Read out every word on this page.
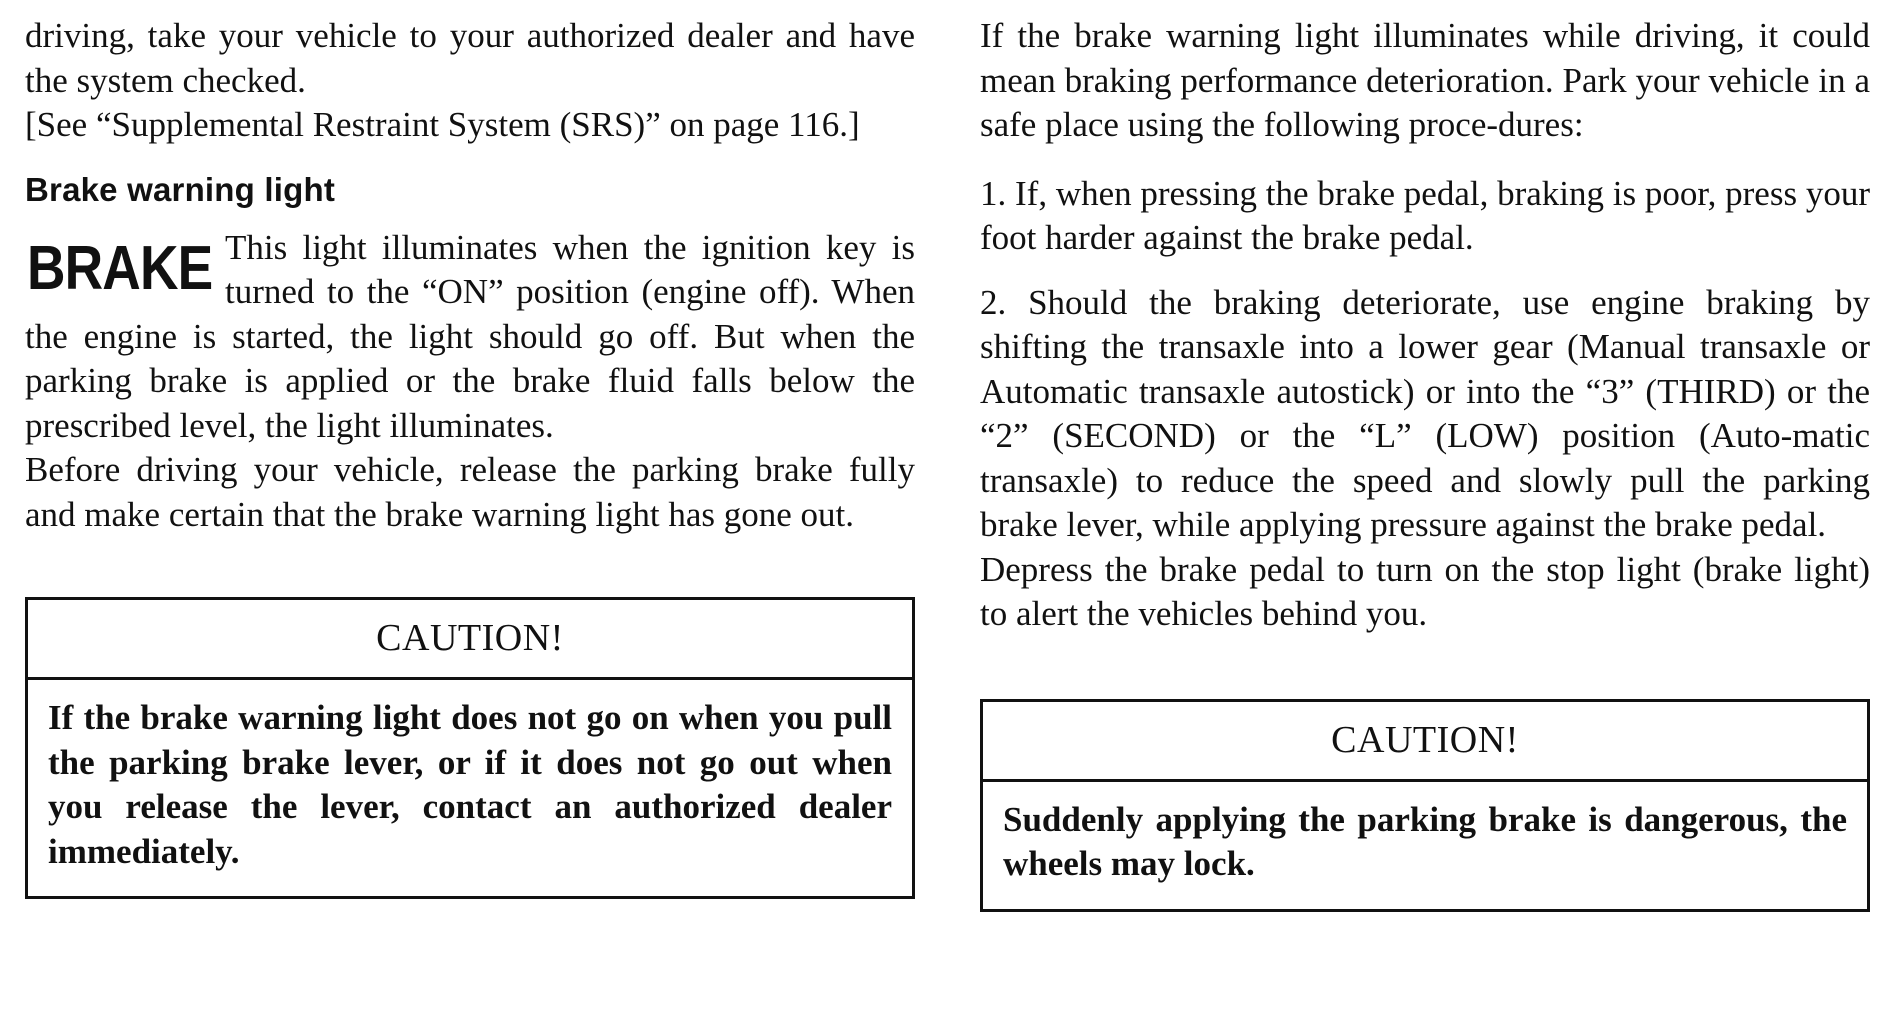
driving, take your vehicle to your authorized dealer and have the system checked.

[See “Supplemental Restraint System (SRS)” on page 116.]

Brake warning light
BRAKE This light illuminates when the ignition key is turned to the “ON” position (engine off). When the engine is started, the light should go off. But when the parking brake is applied or the brake fluid falls below the prescribed level, the light illuminates.

Before driving your vehicle, release the parking brake fully and make certain that the brake warning light has gone out.

CAUTION!
If the brake warning light does not go on when you pull the parking brake lever, or if it does not go out when you release the lever, contact an authorized dealer immediately.

If the brake warning light illuminates while driving, it could mean braking performance deterioration. Park your vehicle in a safe place using the following proce-dures:

1. If, when pressing the brake pedal, braking is poor, press your foot harder against the brake pedal.

2. Should the braking deteriorate, use engine braking by shifting the transaxle into a lower gear (Manual transaxle or Automatic transaxle autostick) or into the “3” (THIRD) or the “2” (SECOND) or the “L” (LOW) position (Auto-matic transaxle) to reduce the speed and slowly pull the parking brake lever, while applying pressure against the brake pedal.

Depress the brake pedal to turn on the stop light (brake light) to alert the vehicles behind you.

CAUTION!
Suddenly applying the parking brake is dangerous, the wheels may lock.
